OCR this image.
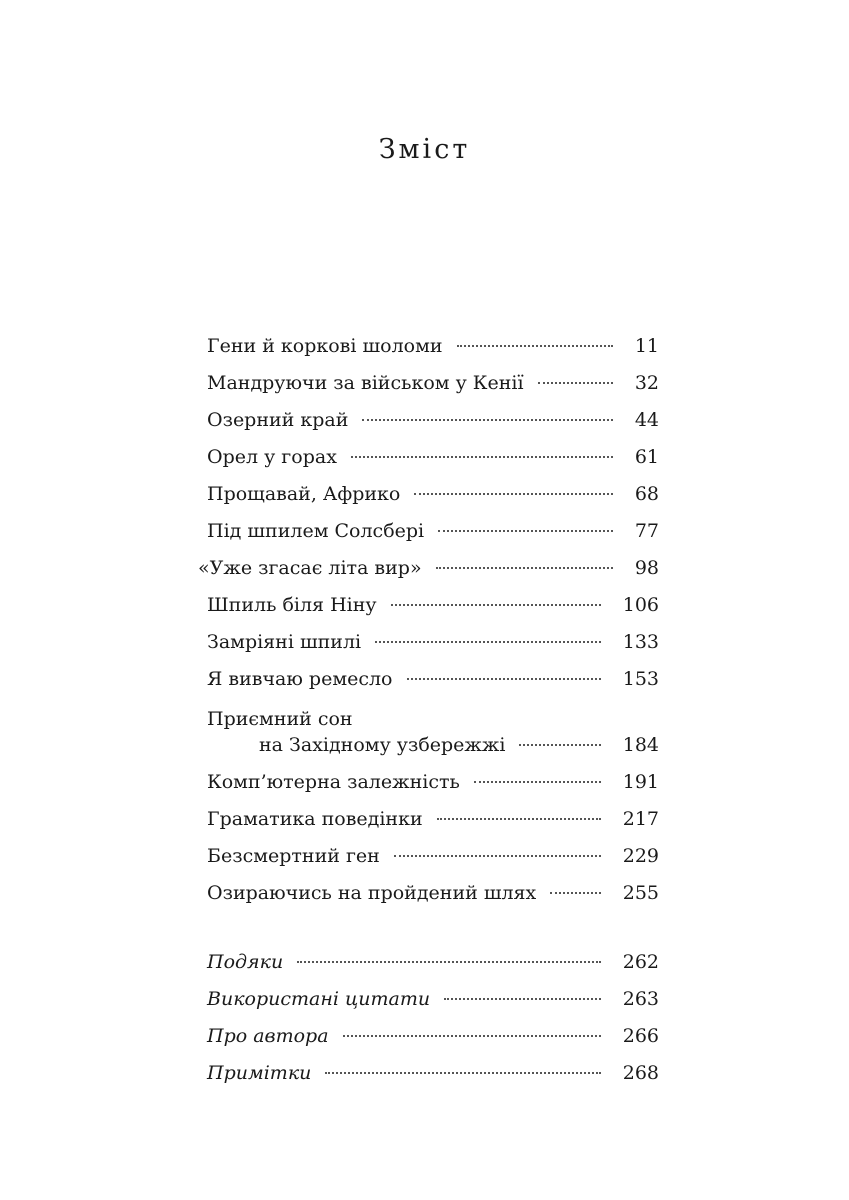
Зміст
Гени й коркові шоломи	11
Мандруючи за військом у Кенії	32
Озерний край	44
Орел у горах	61
Прощавай, Африко	68
Під шпилем Солсбері	77
«Уже згасає літа вир»	98
Шпиль біля Ніну	106
Замріяні шпилі	133
Я вивчаю ремесло	153
Приємний сон
на Західному узбережжі	184
Комп’ютерна залежність	191
Граматика поведінки	217
Безсмертний ген	229
Озираючись на пройдений шлях	255
Подяки	262
Використані цитати	263
Про автора	266
Примітки	268
